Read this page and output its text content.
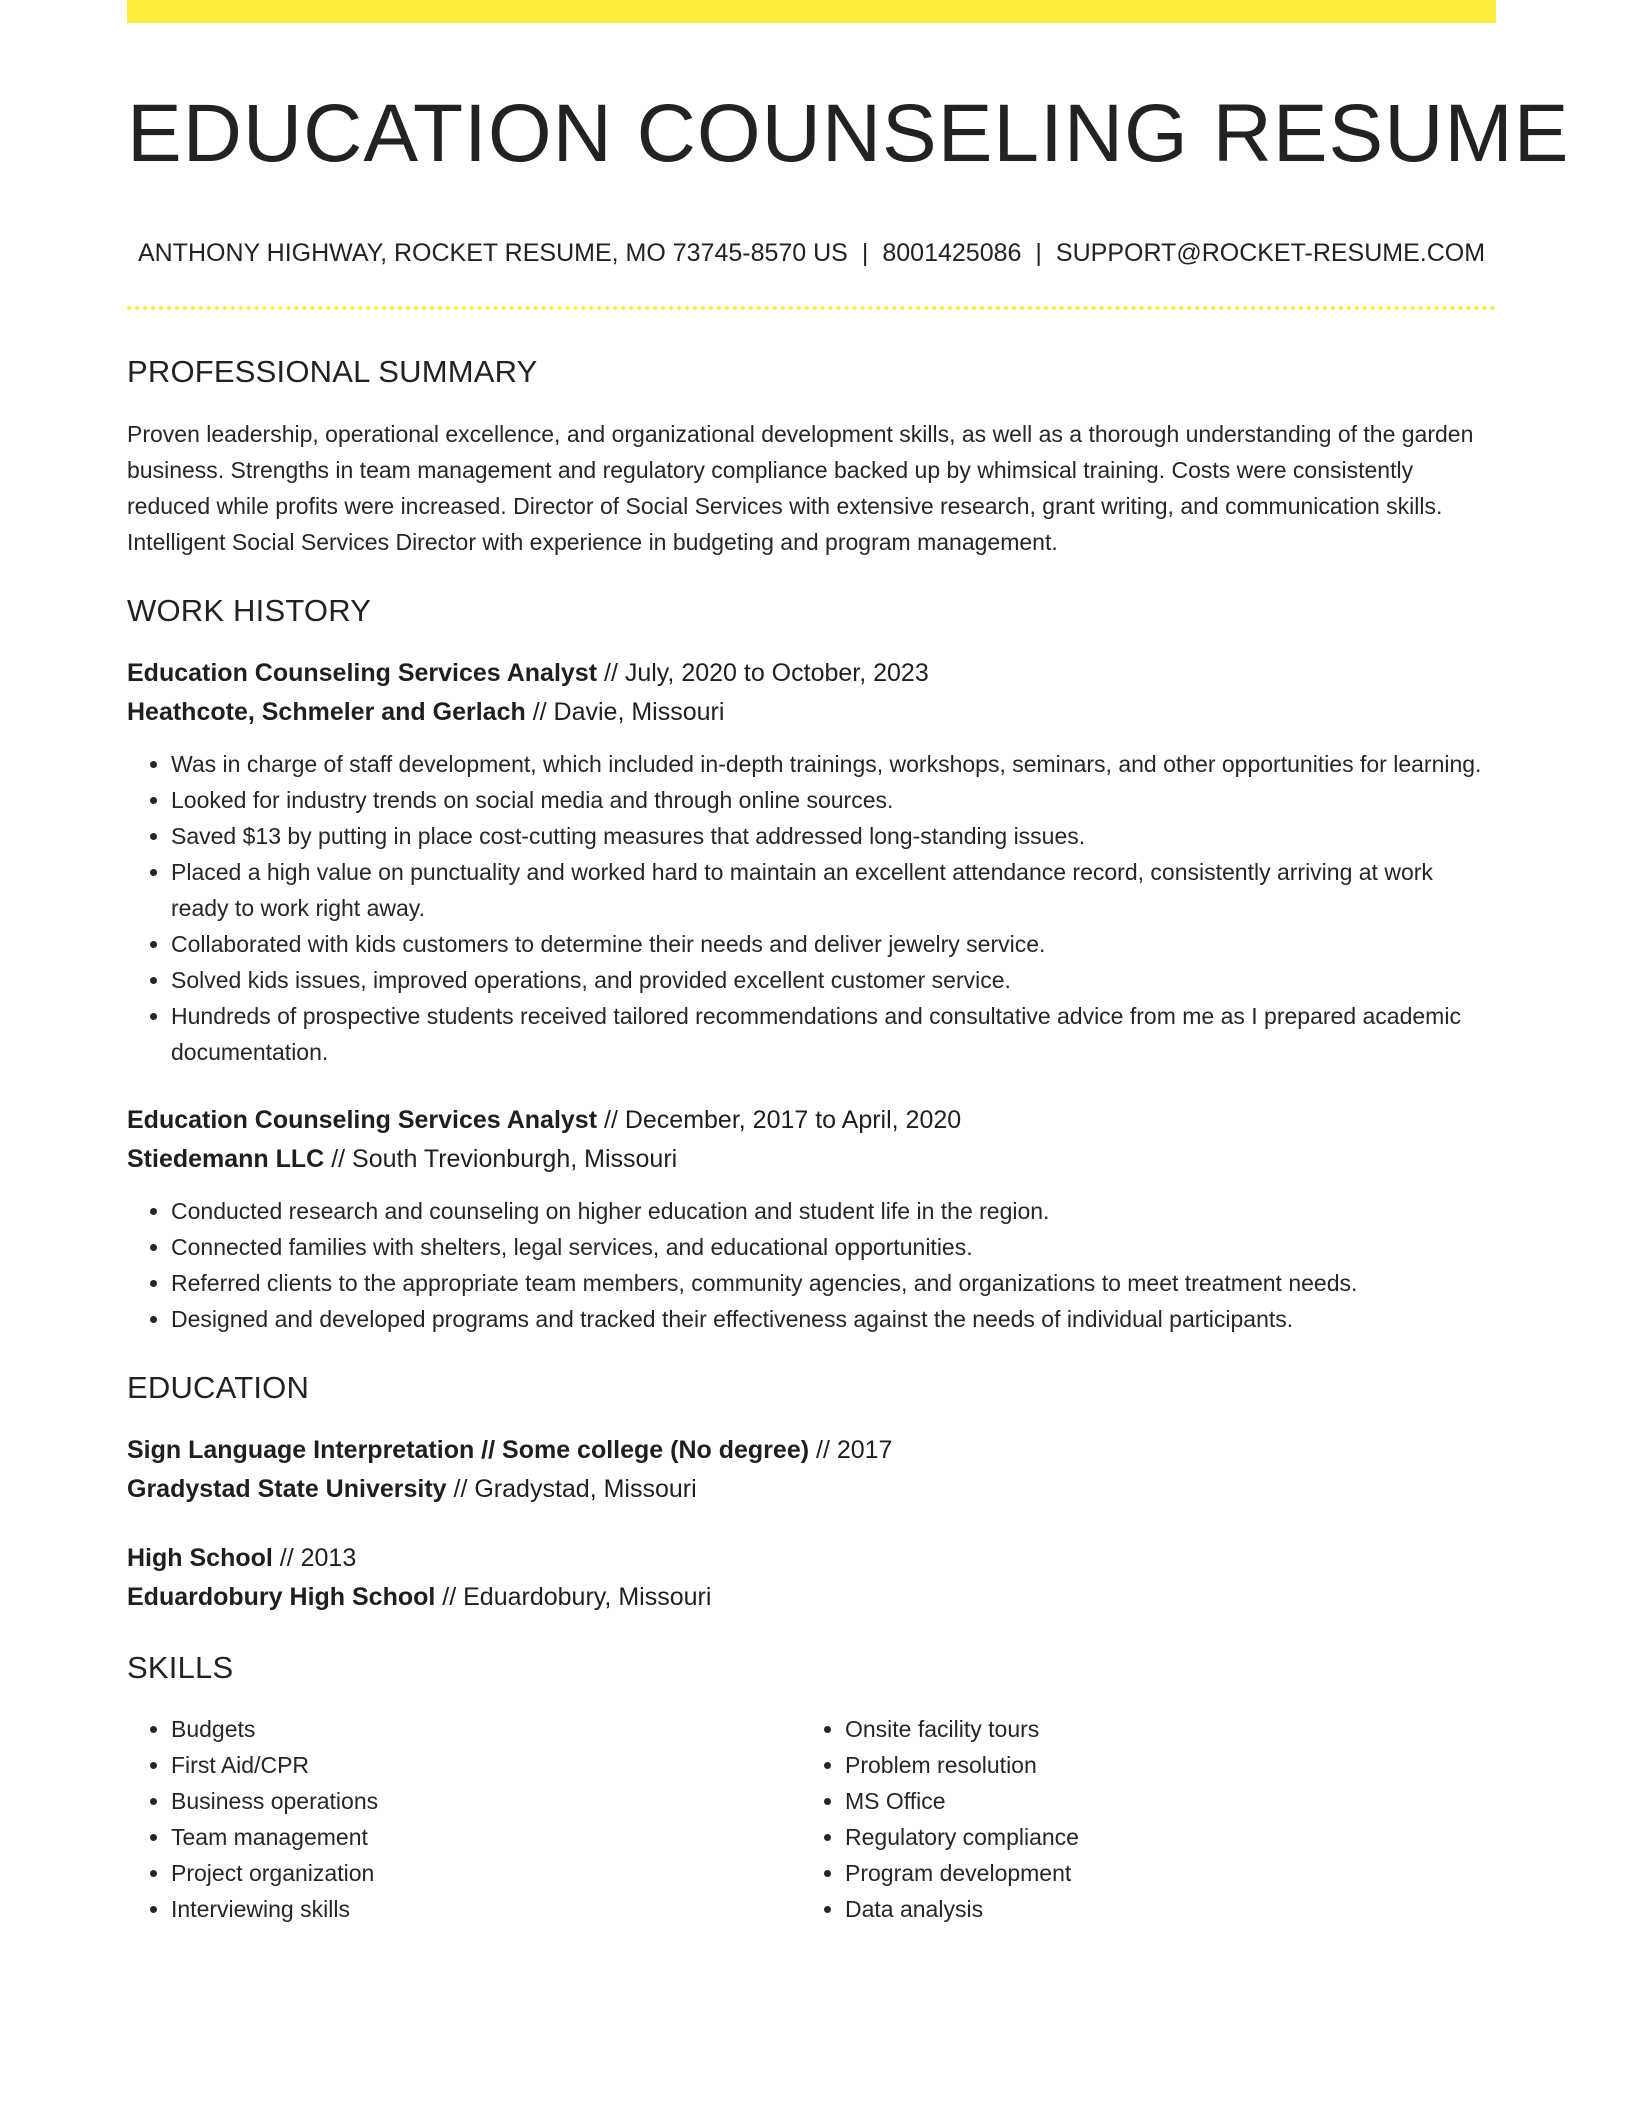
EDUCATION COUNSELING RESUME
ANTHONY HIGHWAY, ROCKET RESUME, MO 73745-8570 US | 8001425086 | SUPPORT@ROCKET-RESUME.COM
PROFESSIONAL SUMMARY

Proven leadership, operational excellence, and organizational development skills, as well as a thorough understanding of the garden business. Strengths in team management and regulatory compliance backed up by whimsical training. Costs were consistently reduced while profits were increased. Director of Social Services with extensive research, grant writing, and communication skills. Intelligent Social Services Director with experience in budgeting and program management.

WORK HISTORY
Education Counseling Services Analyst // July, 2020 to October, 2023
Heathcote, Schmeler and Gerlach // Davie, Missouri
• Was in charge of staff development, which included in-depth trainings, workshops, seminars, and other opportunities for learning.
• Looked for industry trends on social media and through online sources.
• Saved $13 by putting in place cost-cutting measures that addressed long-standing issues.
• Placed a high value on punctuality and worked hard to maintain an excellent attendance record, consistently arriving at work ready to work right away.
• Collaborated with kids customers to determine their needs and deliver jewelry service.
• Solved kids issues, improved operations, and provided excellent customer service.
• Hundreds of prospective students received tailored recommendations and consultative advice from me as I prepared academic documentation.
Education Counseling Services Analyst // December, 2017 to April, 2020
Stiedemann LLC // South Trevionburgh, Missouri
• Conducted research and counseling on higher education and student life in the region.
• Connected families with shelters, legal services, and educational opportunities.
• Referred clients to the appropriate team members, community agencies, and organizations to meet treatment needs.
• Designed and developed programs and tracked their effectiveness against the needs of individual participants.
EDUCATION
Sign Language Interpretation // Some college (No degree) // 2017
Gradystad State University // Gradystad, Missouri
High School // 2013
Eduardobury High School // Eduardobury, Missouri
SKILLS
• Budgets
• First Aid/CPR
• Business operations
• Team management
• Project organization
• Interviewing skills
• Onsite facility tours
• Problem resolution
• MS Office
• Regulatory compliance
• Program development
• Data analysis
